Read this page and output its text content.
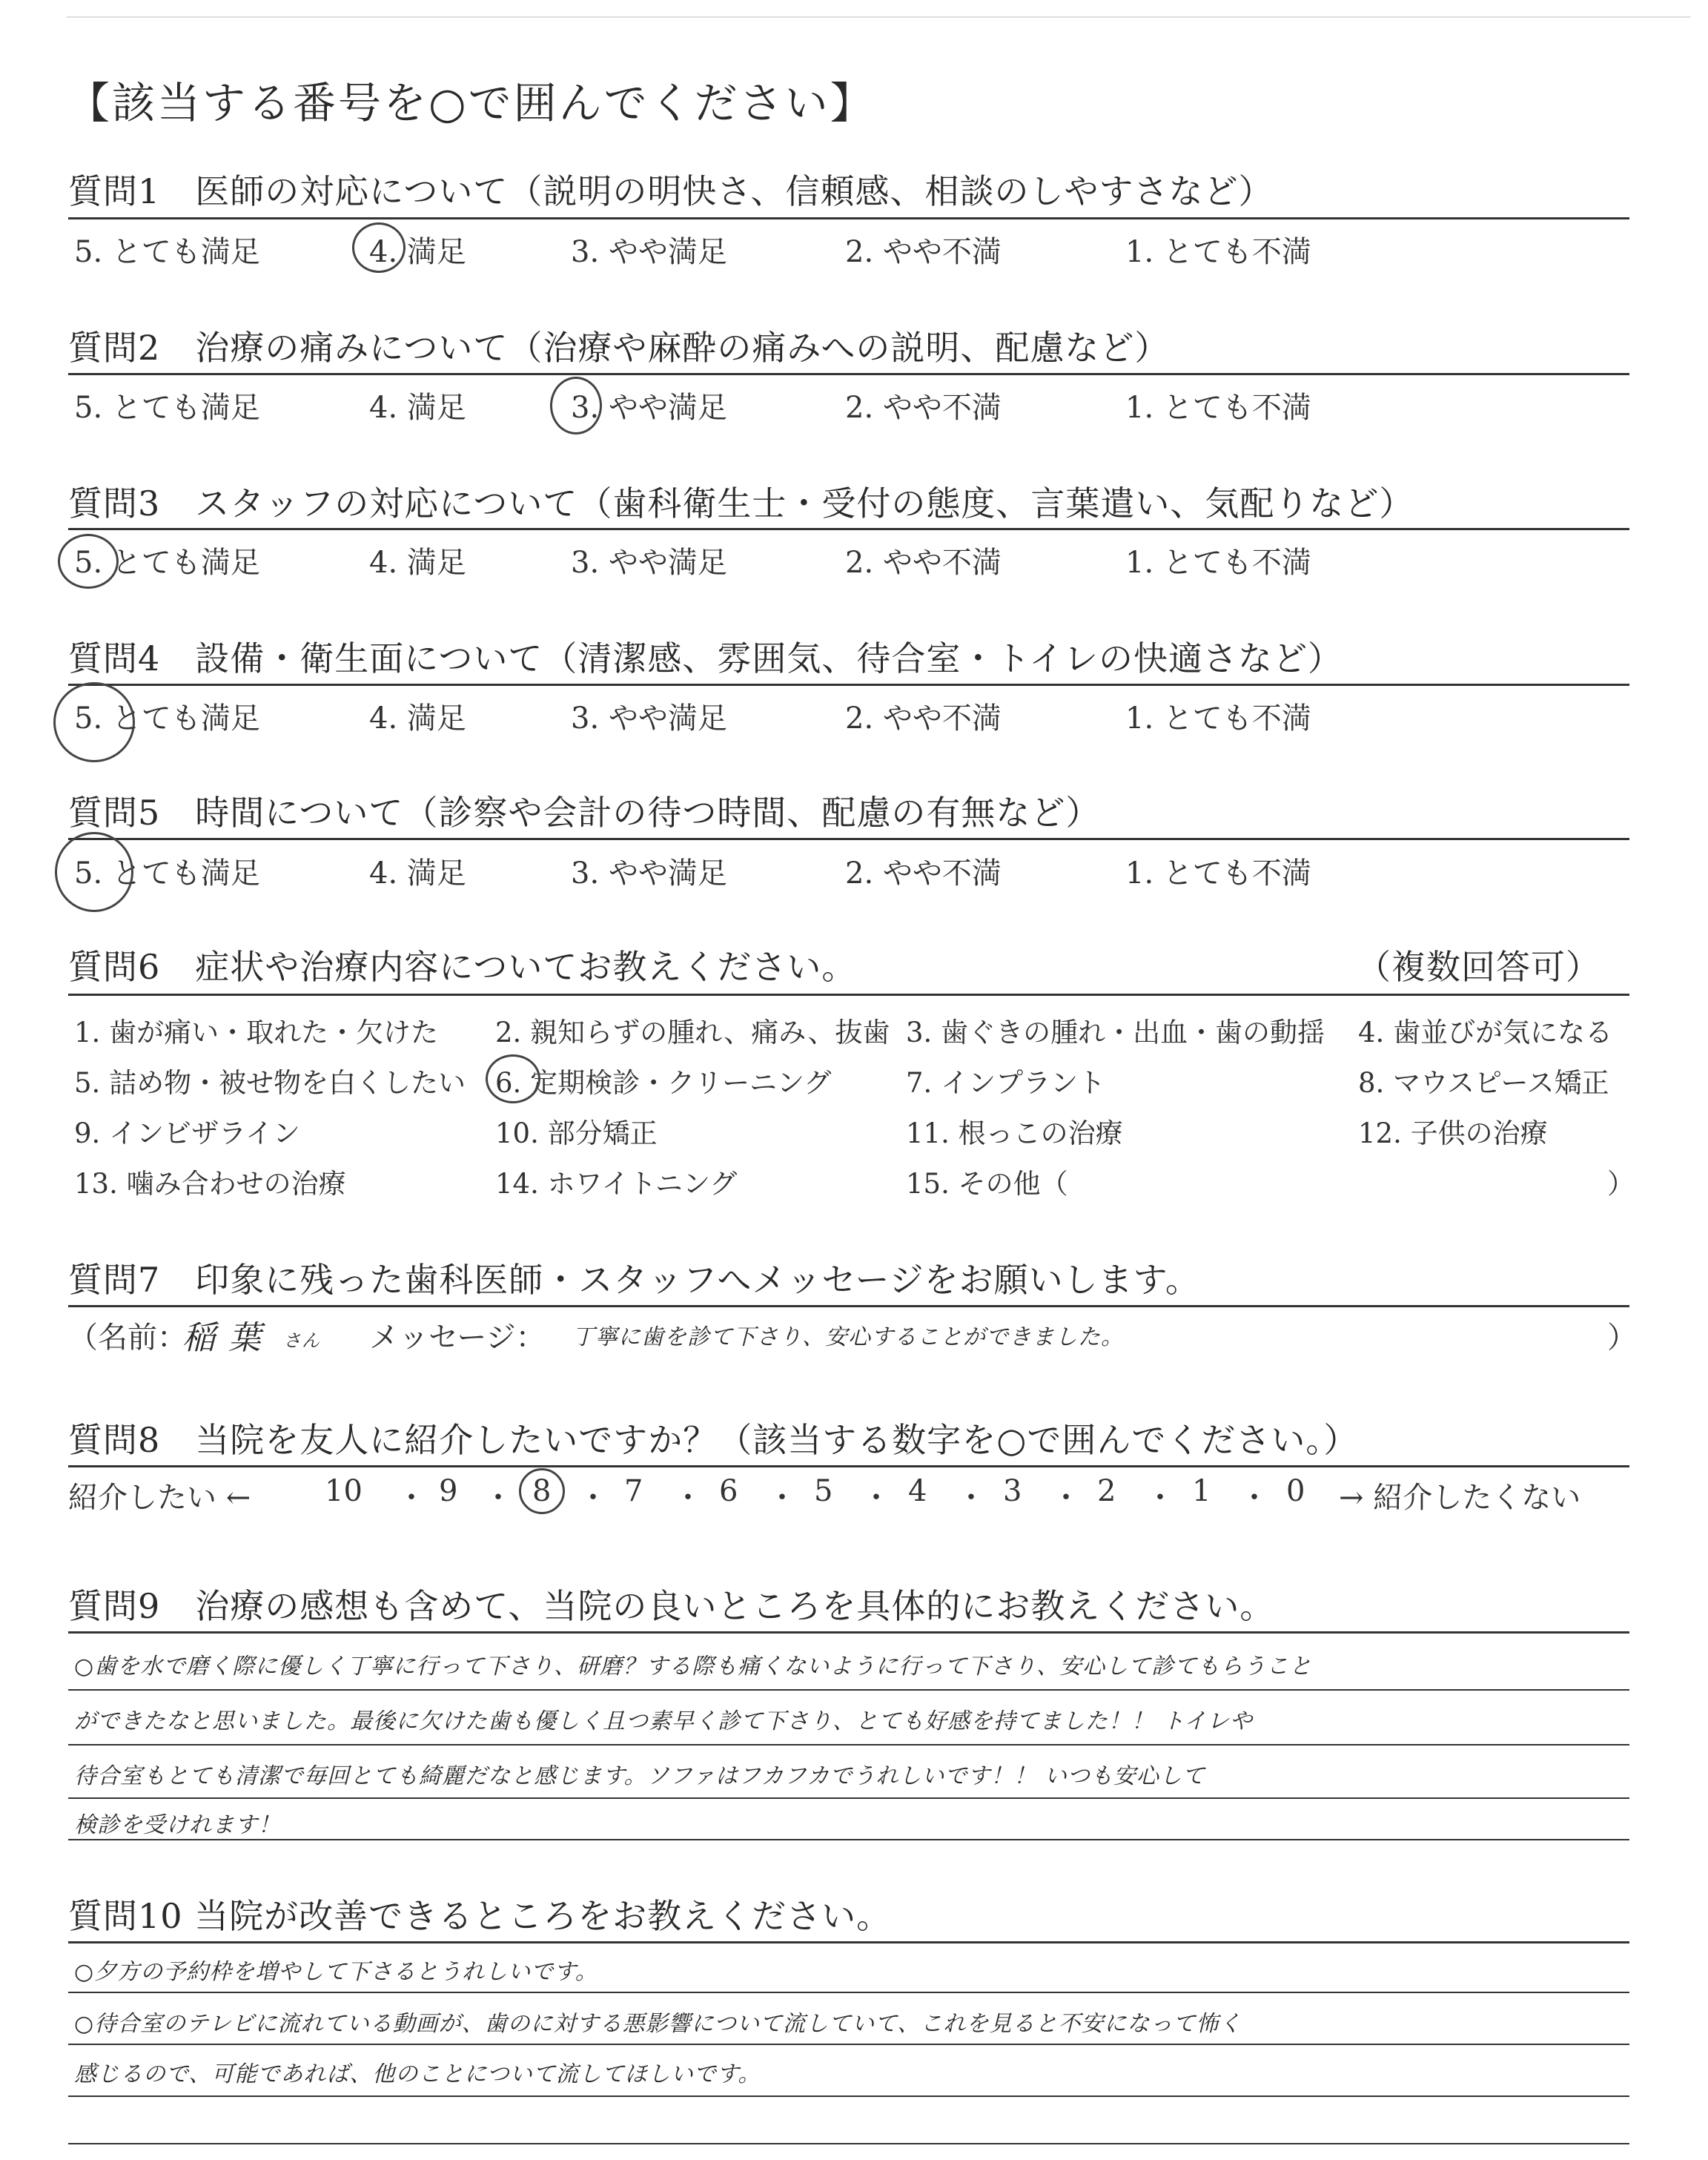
【該当する番号を○で囲んでください】
質問1　医師の対応について（説明の明快さ、信頼感、相談のしやすさなど）
5. とても満足	4. 満足	3. やや満足	2. やや不満	1. とても不満
質問2　治療の痛みについて（治療や麻酔の痛みへの説明、配慮など）
5. とても満足	4. 満足	3. やや満足	2. やや不満	1. とても不満
質問3　スタッフの対応について（歯科衛生士・受付の態度、言葉遣い、気配りなど）
5. とても満足	4. 満足	3. やや満足	2. やや不満	1. とても不満
質問4　設備・衛生面について（清潔感、雰囲気、待合室・トイレの快適さなど）
5. とても満足	4. 満足	3. やや満足	2. やや不満	1. とても不満
質問5　時間について（診察や会計の待つ時間、配慮の有無など）
5. とても満足	4. 満足	3. やや満足	2. やや不満	1. とても不満
質問6　症状や治療内容についてお教えください。	（複数回答可）
1. 歯が痛い・取れた・欠けた 2. 親知らずの腫れ、痛み、抜歯 3. 歯ぐきの腫れ・出血・歯の動揺 4. 歯並びが気になる
5. 詰め物・被せ物を白くしたい 6. 定期検診・クリーニング	7. インプラント	8. マウスピース矯正
9. インビザライン	10. 部分矯正	11. 根っこの治療	12. 子供の治療
13. 噛み合わせの治療	14. ホワイトニング	15. その他（	）
質問7　印象に残った歯科医師・スタッフへメッセージをお願いします。
（名前：
稲 葉 さん メッセージ： 丁寧に歯を診て下さり、安心することができました。	）
質問8　当院を友人に紹介したいですか？（該当する数字を○で囲んでください。）
紹介したい ← 10 ・ 9 ・ 8 ・ 7 ・ 6 ・ 5 ・ 4 ・ 3 ・ 2 ・ 1 ・ 0 → 紹介したくない
質問9　治療の感想も含めて、当院の良いところを具体的にお教えください。
○歯を水で磨く際に優しく丁寧に行って下さり、研磨？する際も痛くないように行って下さり、安心して診てもらうこと
ができたなと思いました。最後に欠けた歯も優しく且つ素早く診て下さり、とても好感を持てました！！ トイレや
待合室もとても清潔で毎回とても綺麗だなと感じます。ソファはフカフカでうれしいです！！ いつも安心して
検診を受けれます！
質問10 当院が改善できるところをお教えください。
○夕方の予約枠を増やして下さるとうれしいです。
○待合室のテレビに流れている動画が、歯のに対する悪影響について流していて、これを見ると不安になって怖く
感じるので、可能であれば、他のことについて流してほしいです。
